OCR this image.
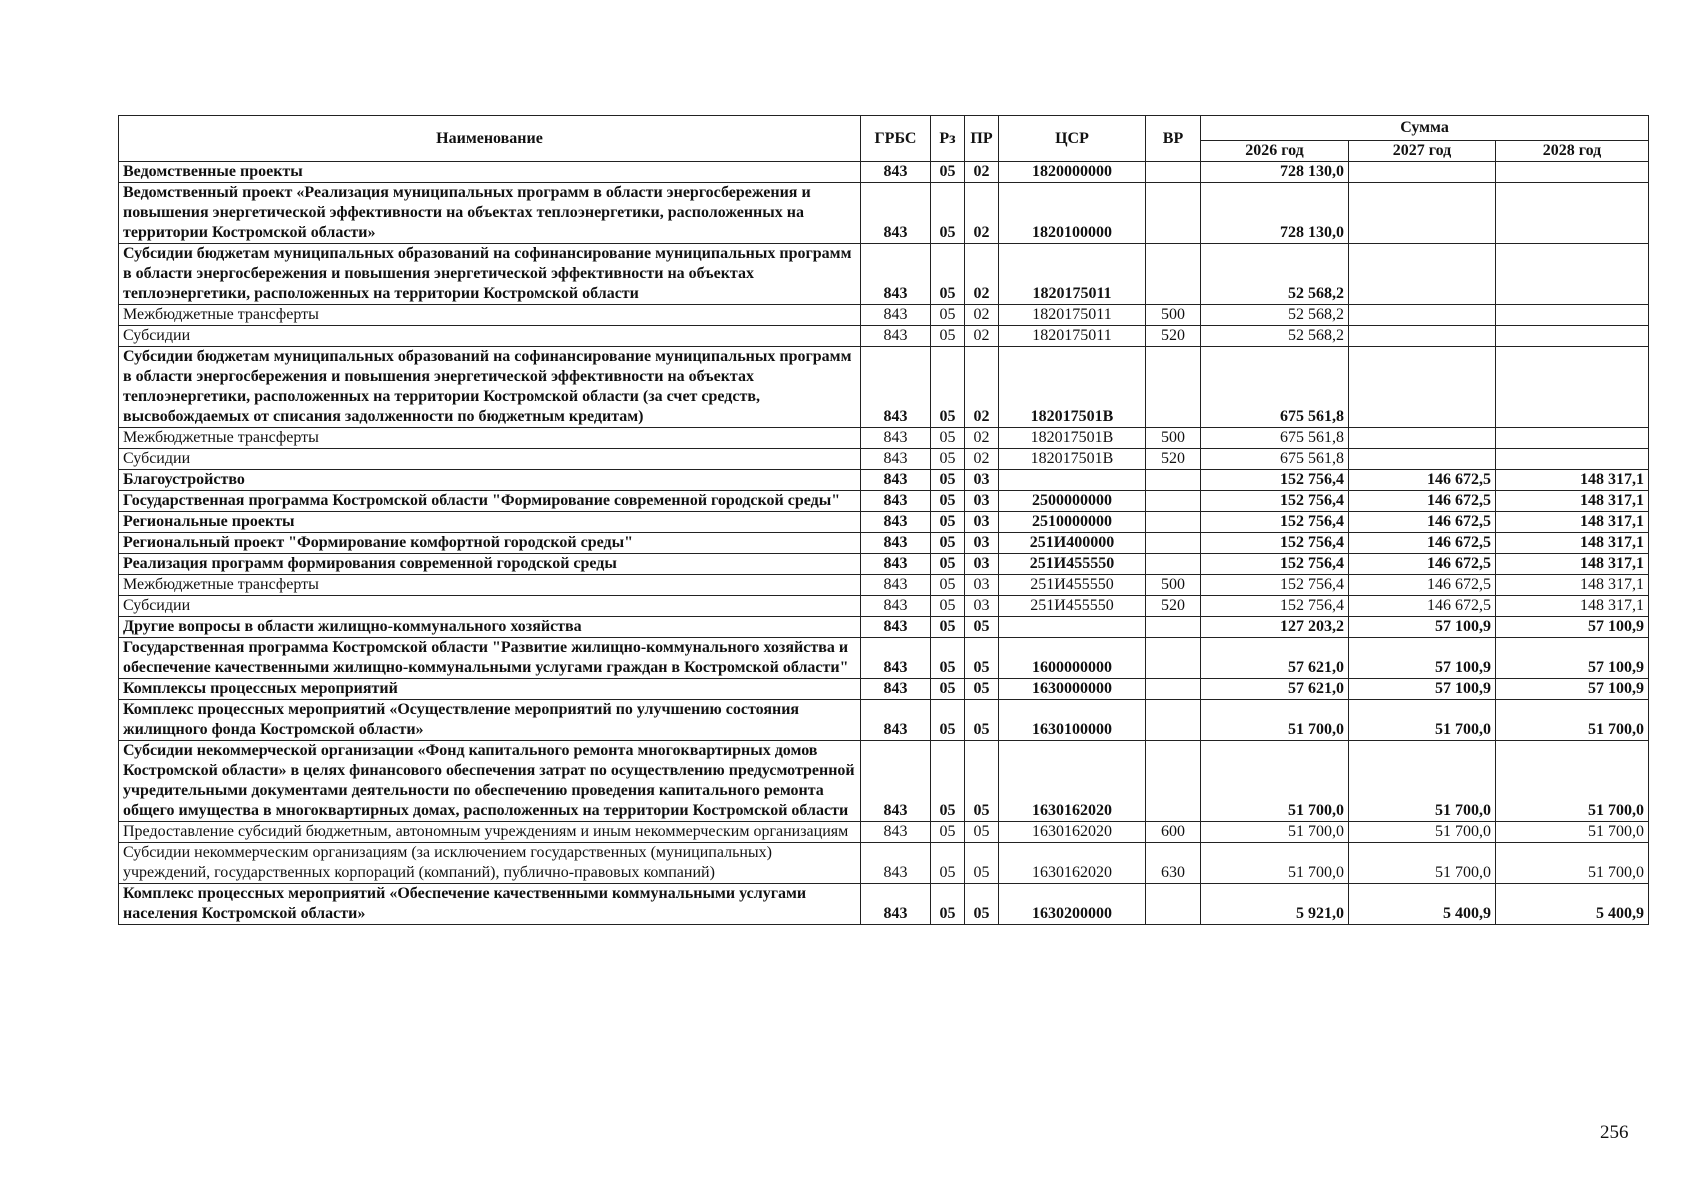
Наименование	ГРБС	Рз	ПР	ЦСР	ВР	Сумма		
						2026 год	2027 год	2028 год
Ведомственные проекты	843	05	02	1820000000		728 130,0		
Ведомственный проект «Реализация муниципальных программ в области энергосбережения и повышения энергетической эффективности на объектах теплоэнергетики, расположенных на территории Костромской области»	843	05	02	1820100000		728 130,0		
Субсидии бюджетам муниципальных образований на софинансирование муниципальных программ в области энергосбережения и повышения энергетической эффективности на объектах теплоэнергетики, расположенных на территории Костромской области	843	05	02	1820175011		52 568,2		
Межбюджетные трансферты	843	05	02	1820175011	500	52 568,2		
Субсидии	843	05	02	1820175011	520	52 568,2		
Субсидии бюджетам муниципальных образований на софинансирование муниципальных программ в области энергосбережения и повышения энергетической эффективности на объектах теплоэнергетики, расположенных на территории Костромской области (за счет средств, высвобождаемых от списания задолженности по бюджетным кредитам)	843	05	02	182017501В		675 561,8		
Межбюджетные трансферты	843	05	02	182017501В	500	675 561,8		
Субсидии	843	05	02	182017501В	520	675 561,8		
Благоустройство	843	05	03			152 756,4	146 672,5	148 317,1
Государственная программа Костромской области "Формирование современной городской среды"	843	05	03	2500000000		152 756,4	146 672,5	148 317,1
Региональные проекты	843	05	03	2510000000		152 756,4	146 672,5	148 317,1
Региональный проект "Формирование комфортной городской среды"	843	05	03	251И400000		152 756,4	146 672,5	148 317,1
Реализация программ формирования современной городской среды	843	05	03	251И455550		152 756,4	146 672,5	148 317,1
Межбюджетные трансферты	843	05	03	251И455550	500	152 756,4	146 672,5	148 317,1
Субсидии	843	05	03	251И455550	520	152 756,4	146 672,5	148 317,1
Другие вопросы в области жилищно-коммунального хозяйства	843	05	05			127 203,2	57 100,9	57 100,9
Государственная программа Костромской области "Развитие жилищно-коммунального хозяйства и обеспечение качественными жилищно-коммунальными услугами граждан в Костромской области"	843	05	05	1600000000		57 621,0	57 100,9	57 100,9
Комплексы процессных мероприятий	843	05	05	1630000000		57 621,0	57 100,9	57 100,9
Комплекс процессных мероприятий «Осуществление мероприятий по улучшению состояния жилищного фонда Костромской области»	843	05	05	1630100000		51 700,0	51 700,0	51 700,0
Субсидии некоммерческой организации «Фонд капитального ремонта многоквартирных домов Костромской области» в целях финансового обеспечения затрат по осуществлению предусмотренной учредительными документами деятельности по обеспечению проведения капитального ремонта общего имущества в многоквартирных домах, расположенных на территории Костромской области	843	05	05	1630162020		51 700,0	51 700,0	51 700,0
Предоставление субсидий бюджетным, автономным учреждениям и иным некоммерческим организациям	843	05	05	1630162020	600	51 700,0	51 700,0	51 700,0
Субсидии некоммерческим организациям (за исключением государственных (муниципальных) учреждений, государственных корпораций (компаний), публично-правовых компаний)	843	05	05	1630162020	630	51 700,0	51 700,0	51 700,0
Комплекс процессных мероприятий «Обеспечение качественными коммунальными услугами населения Костромской области»	843	05	05	1630200000		5 921,0	5 400,9	5 400,9
256
